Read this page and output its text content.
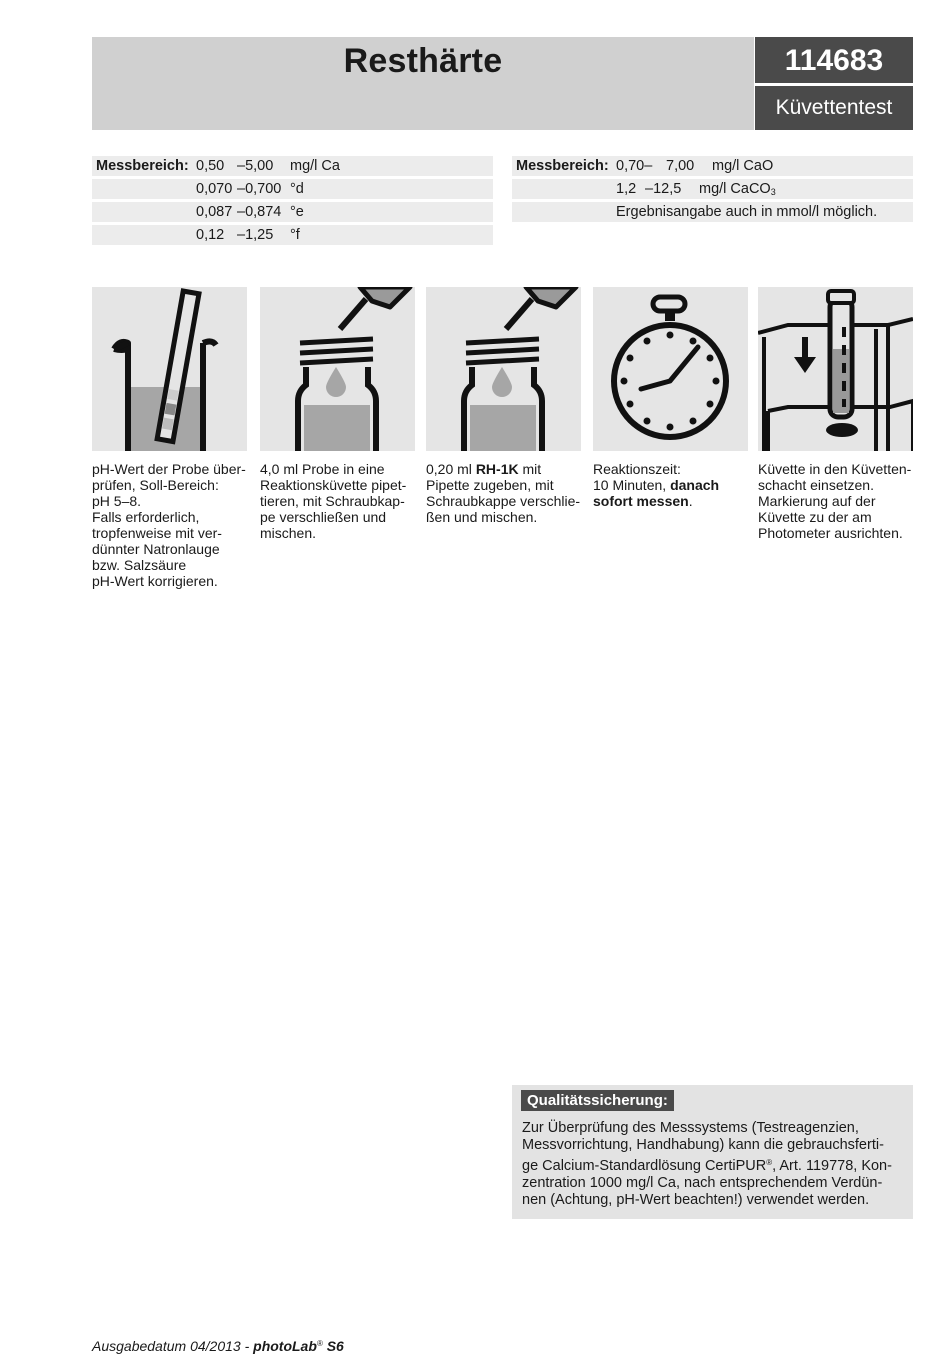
Resthärte	114683
Küvettentest
Messbereich: 0,50 –5,00 mg/l Ca
0,070 –0,700 °d
0,087 –0,874 °e
0,12 –1,25 °f
Messbereich: 0,70– 7,00 mg/l CaO
1,2 –12,5 mg/l CaCO$_3$
Ergebnisangabe auch in mmol/l möglich.
pH-Wert der Probe über-
prüfen, Soll-Bereich:
pH 5–8.
Falls erforderlich,
tropfenweise mit ver-
dünnter Natronlauge
bzw. Salzsäure
pH-Wert korrigieren.
4,0 ml Probe in eine
Reaktionsküvette pipet-
tieren, mit Schraubkap-
pe verschließen und
mischen.
0,20 ml RH-1K mit
Pipette zugeben, mit
Schraubkappe verschlie-
ßen und mischen.
Reaktionszeit:
10 Minuten, danach
sofort messen.
Küvette in den Küvetten-
schacht einsetzen.
Markierung auf der
Küvette zu der am
Photometer ausrichten.
Qualitätssicherung:
Zur Überprüfung des Messsystems (Testreagenzien,
Messvorrichtung, Handhabung) kann die gebrauchsferti-
ge Calcium-Standardlösung CertiPUR®, Art. 119778, Kon-
zentration 1000 mg/l Ca, nach entsprechendem Verdün-
nen (Achtung, pH-Wert beachten!) verwendet werden.
Ausgabedatum 04/2013 - photoLab® S6
